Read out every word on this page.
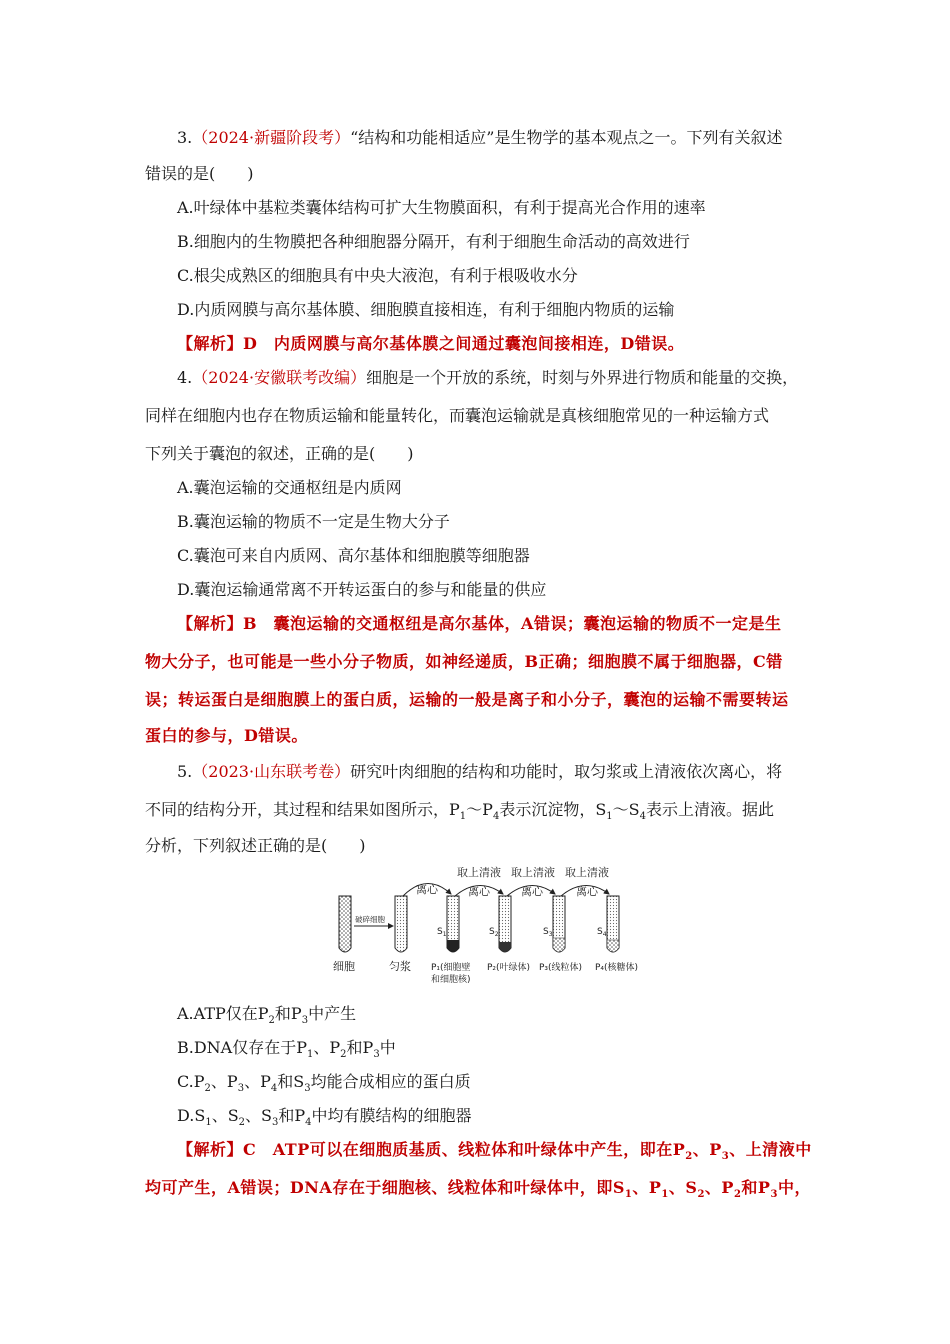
3.（2024·新疆阶段考）“结构和功能相适应”是生物学的基本观点之一。下列有关叙述
错误的是(　　)
A.叶绿体中基粒类囊体结构可扩大生物膜面积，有利于提高光合作用的速率
B.细胞内的生物膜把各种细胞器分隔开，有利于细胞生命活动的高效进行
C.根尖成熟区的细胞具有中央大液泡，有利于根吸收水分
D.内质网膜与高尔基体膜、细胞膜直接相连，有利于细胞内物质的运输
【解析】D　内质网膜与高尔基体膜之间通过囊泡间接相连，D错误。
4.（2024·安徽联考改编）细胞是一个开放的系统，时刻与外界进行物质和能量的交换，
同样在细胞内也存在物质运输和能量转化，而囊泡运输就是真核细胞常见的一种运输方式
下列关于囊泡的叙述，正确的是(　　)
A.囊泡运输的交通枢纽是内质网
B.囊泡运输的物质不一定是生物大分子
C.囊泡可来自内质网、高尔基体和细胞膜等细胞器
D.囊泡运输通常离不开转运蛋白的参与和能量的供应
【解析】B　囊泡运输的交通枢纽是高尔基体，A错误；囊泡运输的物质不一定是生
物大分子，也可能是一些小分子物质，如神经递质，B正确；细胞膜不属于细胞器，C错
误；转运蛋白是细胞膜上的蛋白质，运输的一般是离子和小分子，囊泡的运输不需要转运
蛋白的参与，D错误。
5.（2023·山东联考卷）研究叶肉细胞的结构和功能时，取匀浆或上清液依次离心，将
不同的结构分开，其过程和结果如图所示，$P_1\sim P_4$表示沉淀物，$S_1\sim S_4$表示上清液。据此
分析，下列叙述正确的是(　　)
取上清液 取上清液 取上清液
离心	离心	离心	离心
破碎细胞
$S_1$	$S_2$	$S_3$	$S_4$
细胞	匀浆 P₁(细胞壁
和细胞核)
P₂(叶绿体) P₃(线粒体) P₄(核糖体)
A.ATP仅在$P_2$和$P_3$中产生
B.DNA仅存在于$P_1$、$P_2$和$P_3$中
$C.P_2$、$P_3$、$P_4$和$S_3$均能合成相应的蛋白质
$D.S_1$、$S_2$、$S_3$和$P_4$中均有膜结构的细胞器
【解析】C　ATP可以在细胞质基质、线粒体和叶绿体中产生，即在$P_2$、$P_3$、上清液中
均可产生，A错误；DNA存在于细胞核、线粒体和叶绿体中，即$S_1$、$P_1$、$S_2$、$P_2$和$P_3$中，
